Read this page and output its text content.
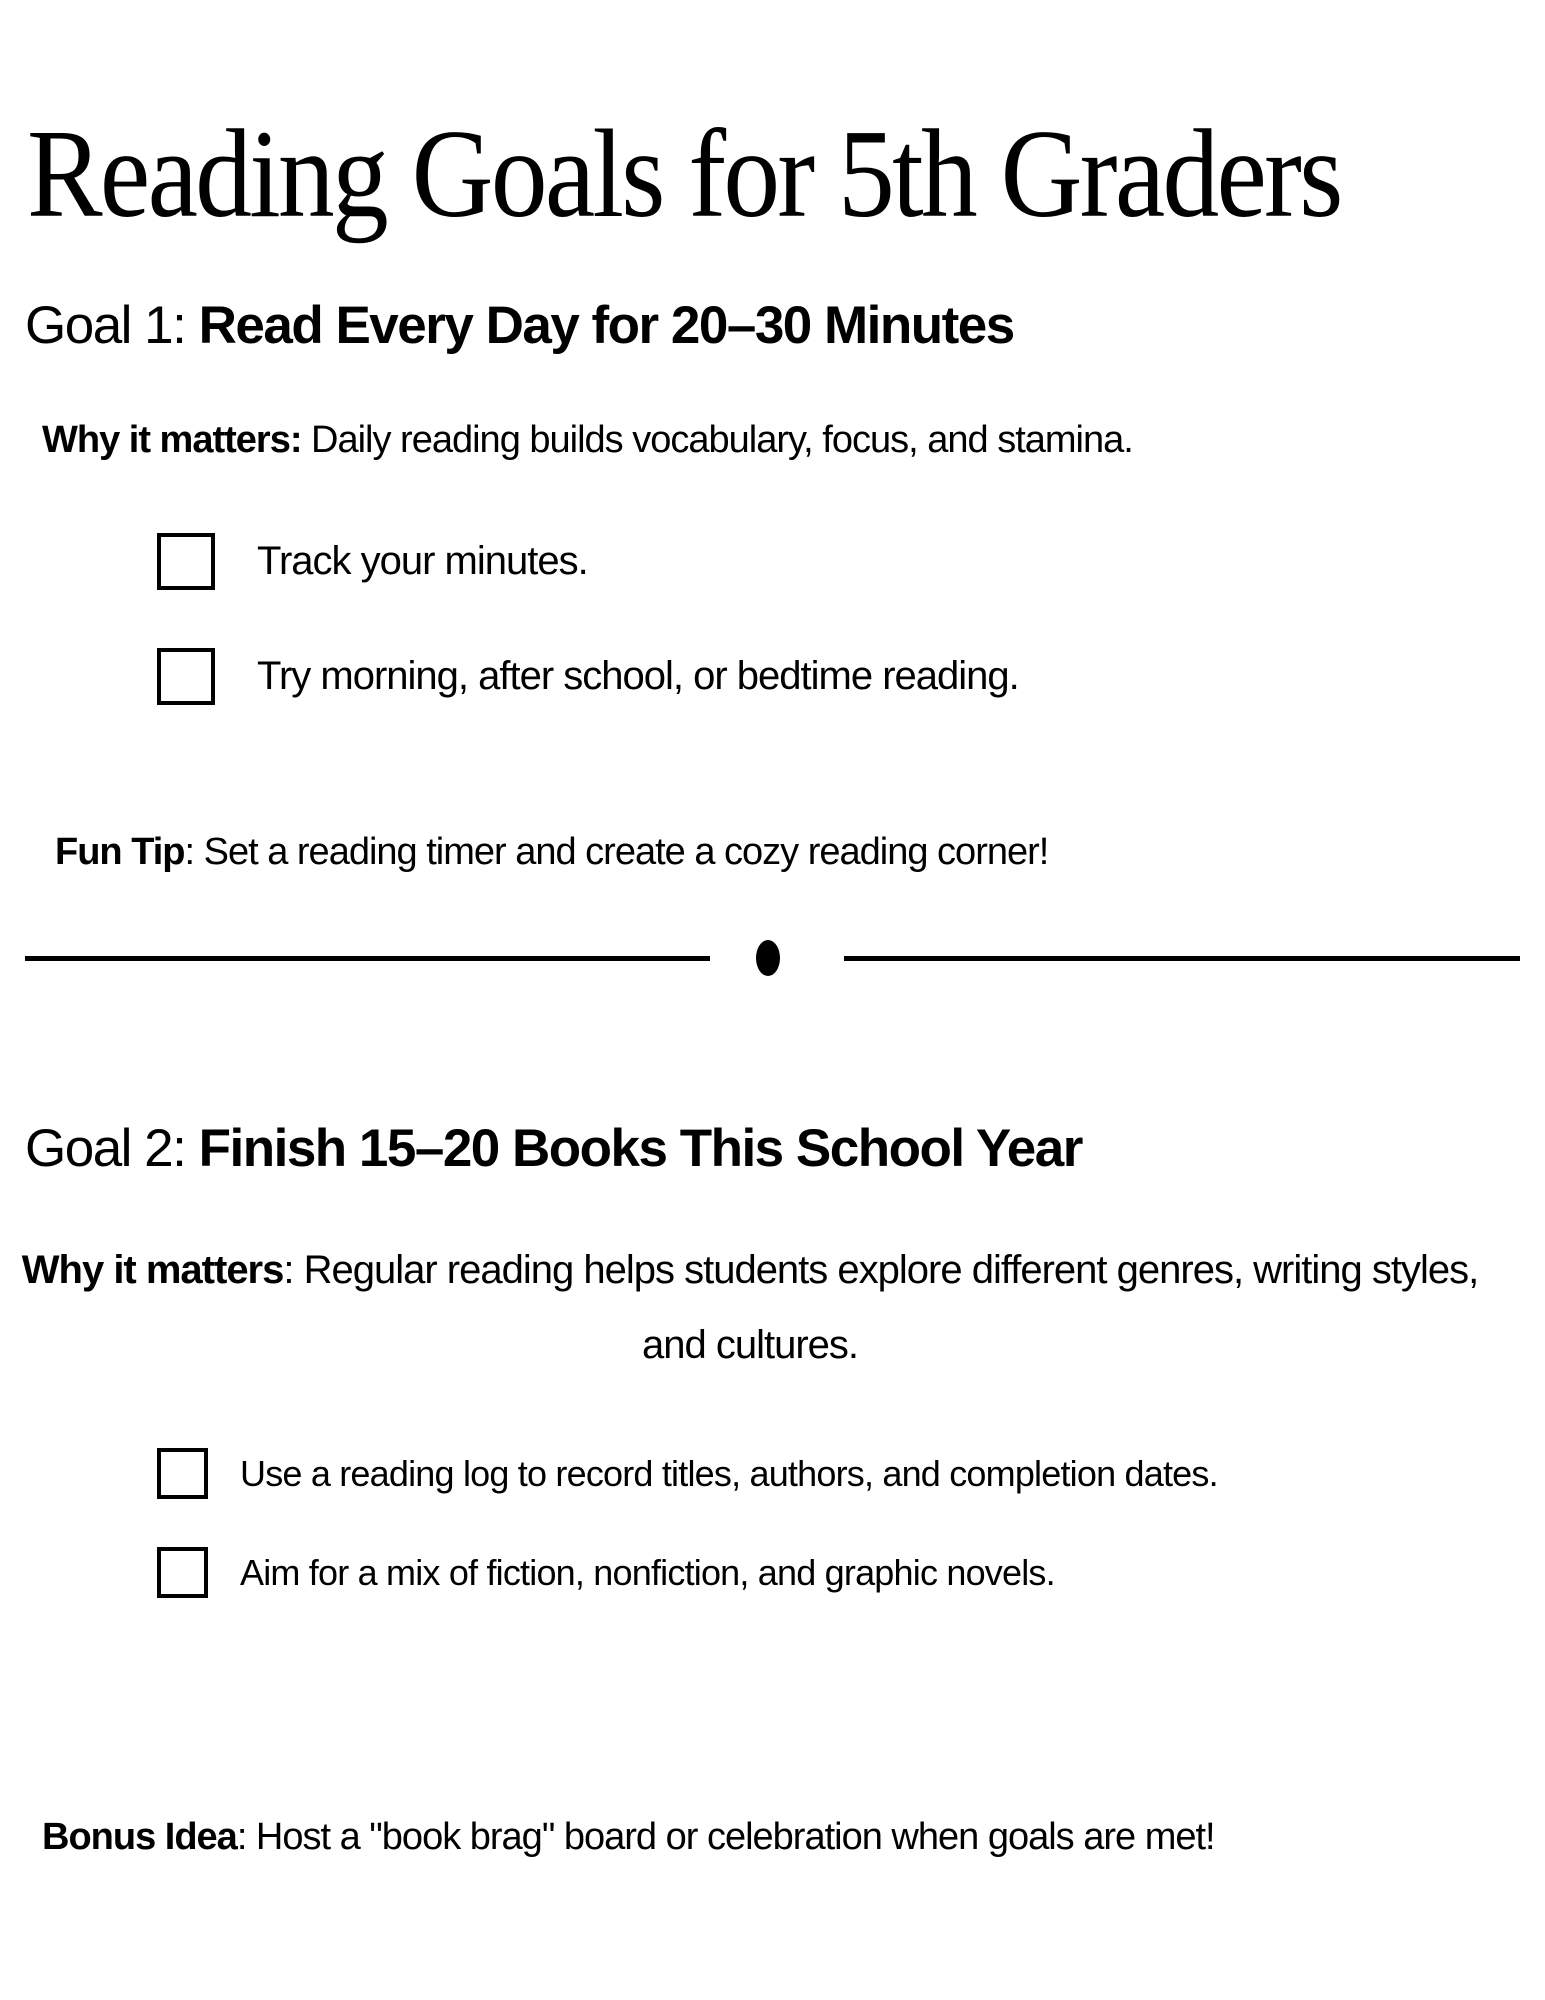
Reading Goals for 5th Graders
Goal 1: Read Every Day for 20–30 Minutes

Why it matters: Daily reading builds vocabulary, focus, and stamina.

Track your minutes.
Try morning, after school, or bedtime reading.

Fun Tip: Set a reading timer and create a cozy reading corner!

Goal 2: Finish 15–20 Books This School Year

Why it matters: Regular reading helps students explore different genres, writing styles, and cultures.

Use a reading log to record titles, authors, and completion dates.
Aim for a mix of fiction, nonfiction, and graphic novels.

Bonus Idea: Host a "book brag" board or celebration when goals are met!
